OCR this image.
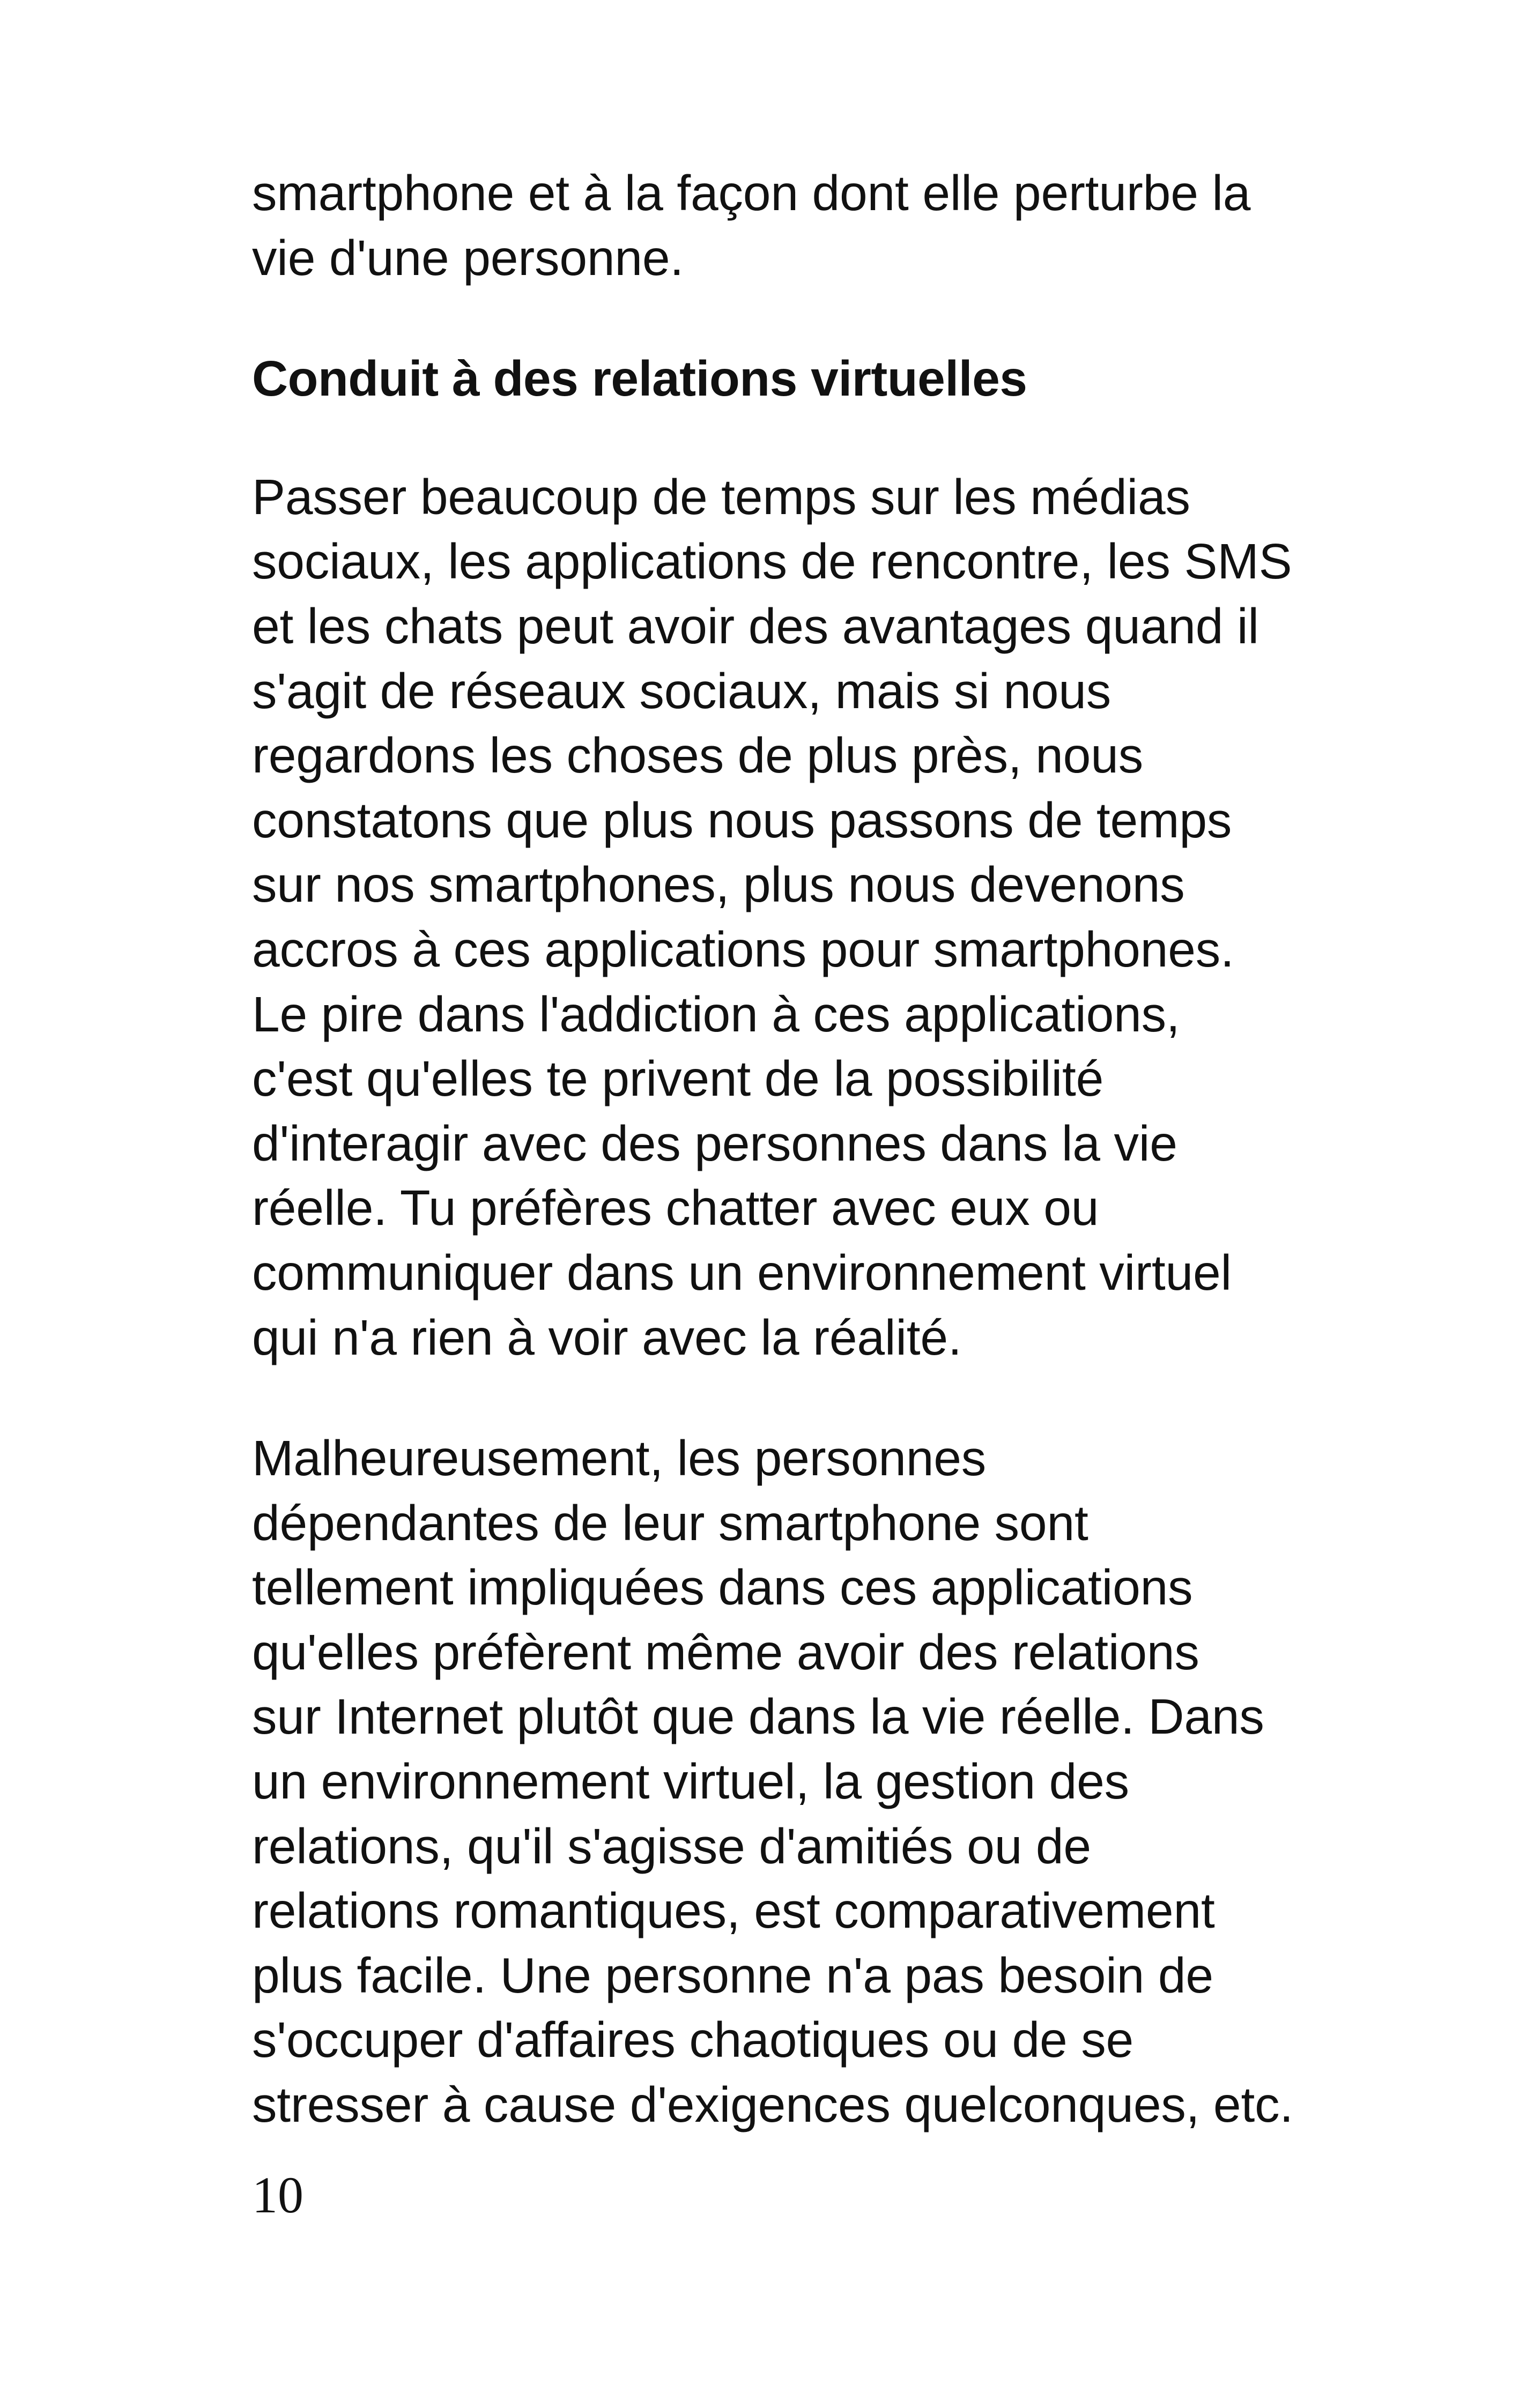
smartphone et à la façon dont elle perturbe la
vie d'une personne.

Conduit à des relations virtuelles

Passer beaucoup de temps sur les médias
sociaux, les applications de rencontre, les SMS
et les chats peut avoir des avantages quand il
s'agit de réseaux sociaux, mais si nous
regardons les choses de plus près, nous
constatons que plus nous passons de temps
sur nos smartphones, plus nous devenons
accros à ces applications pour smartphones.
Le pire dans l'addiction à ces applications,
c'est qu'elles te privent de la possibilité
d'interagir avec des personnes dans la vie
réelle. Tu préfères chatter avec eux ou
communiquer dans un environnement virtuel
qui n'a rien à voir avec la réalité.

Malheureusement, les personnes
dépendantes de leur smartphone sont
tellement impliquées dans ces applications
qu'elles préfèrent même avoir des relations
sur Internet plutôt que dans la vie réelle. Dans
un environnement virtuel, la gestion des
relations, qu'il s'agisse d'amitiés ou de
relations romantiques, est comparativement
plus facile. Une personne n'a pas besoin de
s'occuper d'affaires chaotiques ou de se
stresser à cause d'exigences quelconques, etc.

10
